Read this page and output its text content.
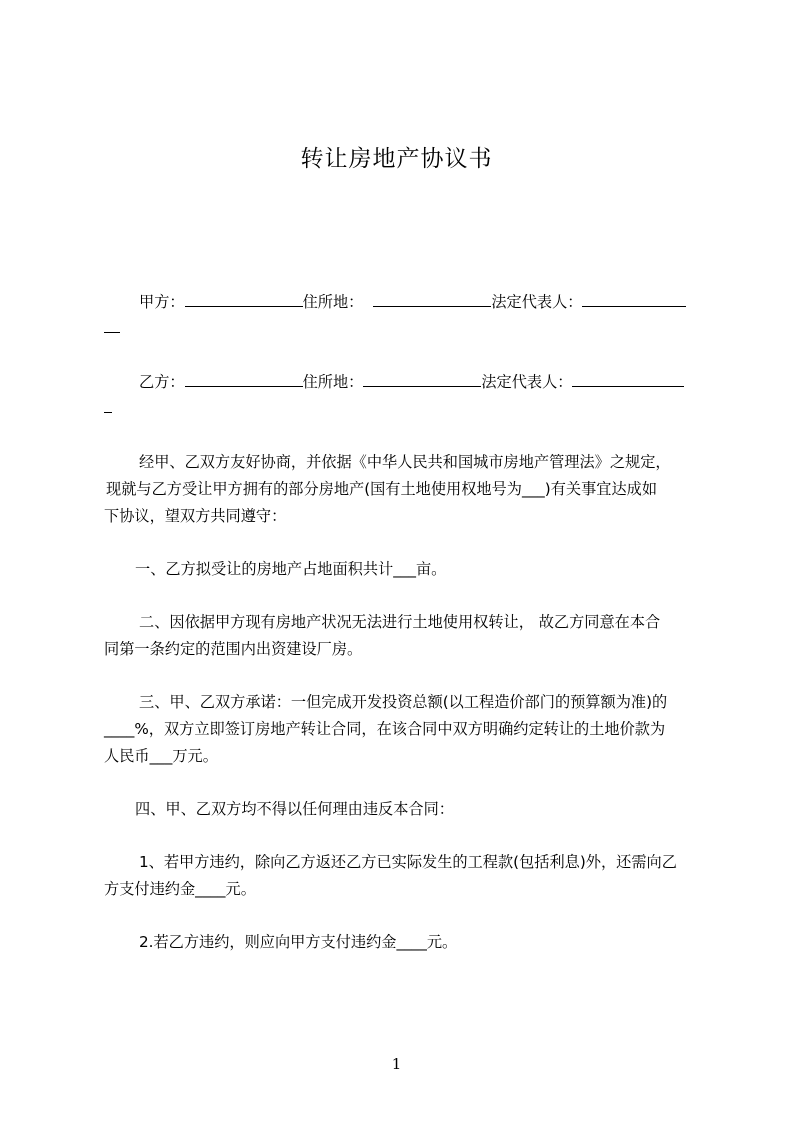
转让房地产协议书
甲方：	住所地：	法定代表人：
乙方：	住所地：	法定代表人：
经甲、乙双方友好协商，并依据《中华人民共和国城市房地产管理法》之规定，
现就与乙方受让甲方拥有的部分房地产(国有土地使用权地号为___)有关事宜达成如
下协议，望双方共同遵守：
一、乙方拟受让的房地产占地面积共计___亩。
二、因依据甲方现有房地产状况无法进行土地使用权转让， 故乙方同意在本合
同第一条约定的范围内出资建设厂房。
三、甲、乙双方承诺：一但完成开发投资总额(以工程造价部门的预算额为准)的
____%，双方立即签订房地产转让合同，在该合同中双方明确约定转让的土地价款为
人民币___万元。
四、甲、乙双方均不得以任何理由违反本合同：
1、若甲方违约，除向乙方返还乙方已实际发生的工程款(包括利息)外，还需向乙
方支付违约金____元。
2.若乙方违约，则应向甲方支付违约金____元。
1
